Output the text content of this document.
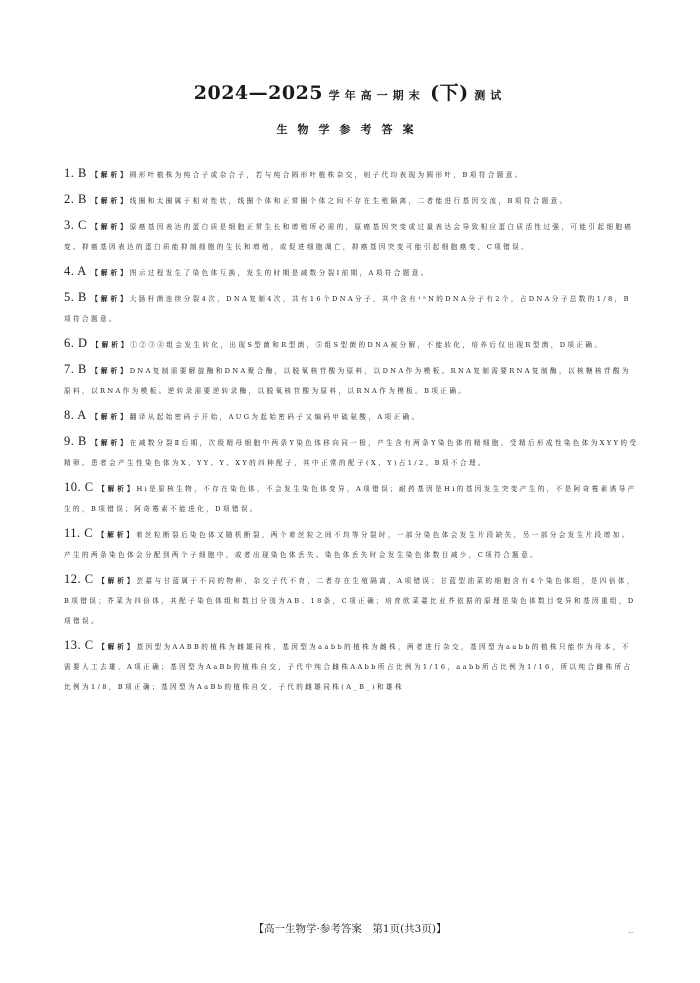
2024—2025 学年高一期末 (下) 测试
生物学参考答案
1. B 【解析】圆形叶植株为纯合子或杂合子，若与纯合圆形叶植株杂交，则子代均表现为圆形叶，B项符合题意。
2. B 【解析】线圈和太圈属于相对性状，线圈个体和正常圈个体之间不存在生殖隔离，二者能进行基因交流，B项符合题意。
3. C 【解析】原癌基因表达的蛋白质是细胞正常生长和增殖所必需的，原癌基因突变或过量表达会导致相应蛋白质活性过强，可能引起细胞癌变。抑癌基因表达的蛋白质能抑制细胞的生长和增殖，或促进细胞凋亡，抑癌基因突变可能引起细胞癌变，C项错误。
4. A 【解析】图示过程发生了染色体互换，发生的时期是减数分裂Ⅰ前期，A项符合题意。
5. B 【解析】大肠杆菌连续分裂4次，DNA复制4次，共有16个DNA分子，其中含有¹⁵N的DNA分子有2个，占DNA分子总数的1/8，B项符合题意。
6. D 【解析】①②③④组会发生转化，出现S型菌和R型菌，⑤组S型菌的DNA被分解，不能转化，培养后仅出现R型菌，D项正确。
7. B 【解析】DNA复制需要解旋酶和DNA聚合酶，以脱氧核苷酸为原料，以DNA作为模板。RNA复制需要RNA复制酶，以核糖核苷酸为原料，以RNA作为模板。逆转录需要逆转录酶，以脱氧核苷酸为原料，以RNA作为模板。B项正确。
8. A 【解析】翻译从起始密码子开始，AUG为起始密码子又编码甲硫氨酸，A项正确。
9. B 【解析】在减数分裂Ⅱ后期，次级精母细胞中两条Y染色体移向同一极，产生含有两条Y染色体的精细胞，受精后形成性染色体为XYY的受精卵。患者会产生性染色体为X、YY、Y、XY的四种配子，其中正常的配子(X、Y)占1/2。B项不合理。
10. C 【解析】Hi是原核生物，不存在染色体，不会发生染色体变异，A项错误；耐药基因是Hi的基因发生突变产生的，不是阿奇霉素诱导产生的，B项错误；阿奇霉素不能进化，D项错误。
11. C 【解析】着丝粒断裂后染色体又随机断裂，两个着丝粒之间不均等分裂时，一部分染色体会发生片段缺失，另一部分会发生片段增加。产生的两条染色体会分配到两个子细胞中，或者出现染色体丢失。染色体丢失时会发生染色体数目减少，C项符合题意。
12. C 【解析】芸薹与甘蓝属于不同的物种，杂交子代不育，二者存在生殖隔离，A项错误；甘蓝型油菜的细胞含有4个染色体组，是四倍体，B项错误；芥菜为四倍体，其配子染色体组和数目分别为AB、18条，C项正确；培育欧菜薹比亚芥依据的原理是染色体数目变异和基因重组，D项错误。
13. C 【解析】基因型为AABB的植株为雌雄同株，基因型为aabb的植株为雌株，两者进行杂交，基因型为aabb的植株只能作为母本，不需要人工去雄，A项正确；基因型为AaBb的植株自交，子代中纯合雌株AAbb所占比例为1/16，aabb所占比例为1/16，所以纯合雌株所占比例为1/8，B项正确；基因型为AaBb的植株自交，子代的雌雄同株(A_B_)和雄株
【高一生物学·参考答案　第1页(共3页)】	...
